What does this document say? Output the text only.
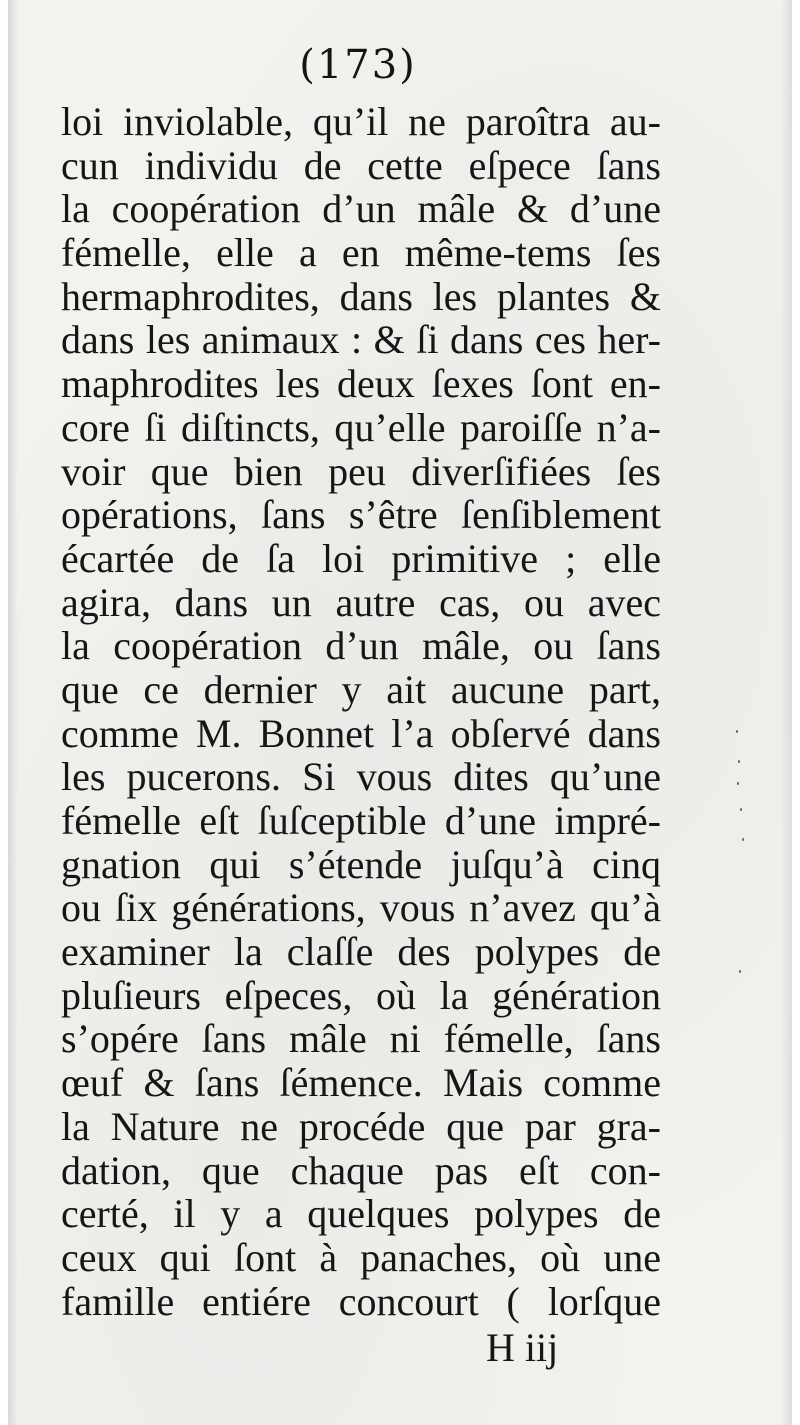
(173)
loi inviolable, qu’il ne paroîtra au-
cun individu de cette eſpece ſans
la coopération d’un mâle & d’une
fémelle, elle a en même-tems ſes
hermaphrodites, dans les plantes &
dans les animaux : & ſi dans ces her-
maphrodites les deux ſexes ſont en-
core ſi diſtincts, qu’elle paroiſſe n’a-
voir que bien peu diverſifiées ſes
opérations, ſans s’être ſenſiblement
écartée de ſa loi primitive ; elle
agira, dans un autre cas, ou avec
la coopération d’un mâle, ou ſans
que ce dernier y ait aucune part,
comme M. Bonnet l’a obſervé dans
les pucerons. Si vous dites qu’une
fémelle eſt ſuſceptible d’une impré-
gnation qui s’étende juſqu’à cinq
ou ſix générations, vous n’avez qu’à
examiner la claſſe des polypes de
pluſieurs eſpeces, où la génération
s’opére ſans mâle ni fémelle, ſans
œuf & ſans ſémence. Mais comme
la Nature ne procéde que par gra-
dation, que chaque pas eſt con-
certé, il y a quelques polypes de
ceux qui ſont à panaches, où une
famille entiére concourt ( lorſque
H iij
